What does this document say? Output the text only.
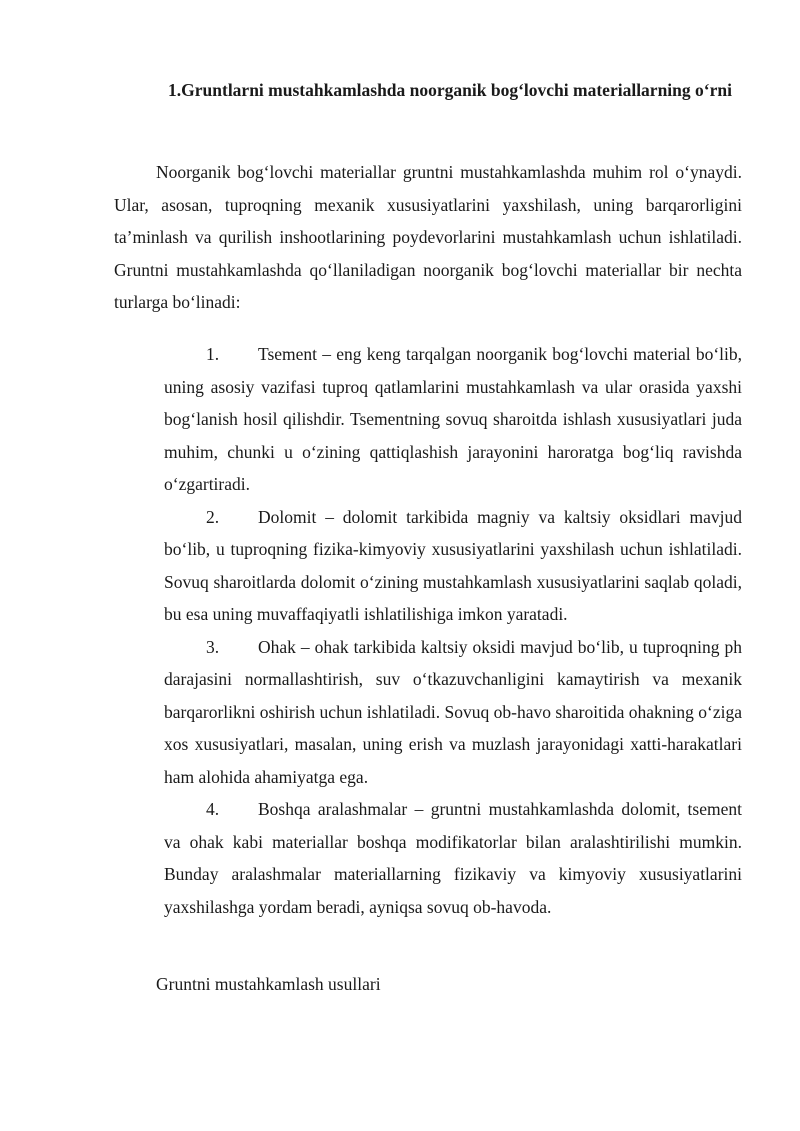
1.Gruntlarni mustahkamlashda noorganik bog‘lovchi materiallarning o‘rni

Noorganik bog‘lovchi materiallar gruntni mustahkamlashda muhim rol o‘ynaydi. Ular, asosan, tuproqning mexanik xususiyatlarini yaxshilash, uning barqarorligini ta’minlash va qurilish inshootlarining poydevorlarini mustahkamlash uchun ishlatiladi. Gruntni mustahkamlashda qo‘llaniladigan noorganik bog‘lovchi materiallar bir nechta turlarga bo‘linadi:

1. Tsement – eng keng tarqalgan noorganik bog‘lovchi material bo‘lib, uning asosiy vazifasi tuproq qatlamlarini mustahkamlash va ular orasida yaxshi bog‘lanish hosil qilishdir. Tsementning sovuq sharoitda ishlash xususiyatlari juda muhim, chunki u o‘zining qattiqlashish jarayonini haroratga bog‘liq ravishda o‘zgartiradi.
2. Dolomit – dolomit tarkibida magniy va kaltsiy oksidlari mavjud bo‘lib, u tuproqning fizika-kimyoviy xususiyatlarini yaxshilash uchun ishlatiladi. Sovuq sharoitlarda dolomit o‘zining mustahkamlash xususiyatlarini saqlab qoladi, bu esa uning muvaffaqiyatli ishlatilishiga imkon yaratadi.
3. Ohak – ohak tarkibida kaltsiy oksidi mavjud bo‘lib, u tuproqning ph darajasini normallashtirish, suv o‘tkazuvchanligini kamaytirish va mexanik barqarorlikni oshirish uchun ishlatiladi. Sovuq ob-havo sharoitida ohakning o‘ziga xos xususiyatlari, masalan, uning erish va muzlash jarayonidagi xatti-harakatlari ham alohida ahamiyatga ega.
4. Boshqa aralashmalar – gruntni mustahkamlashda dolomit, tsement va ohak kabi materiallar boshqa modifikatorlar bilan aralashtirilishi mumkin. Bunday aralashmalar materiallarning fizikaviy va kimyoviy xususiyatlarini yaxshilashga yordam beradi, ayniqsa sovuq ob-havoda.
Gruntni mustahkamlash usullari
